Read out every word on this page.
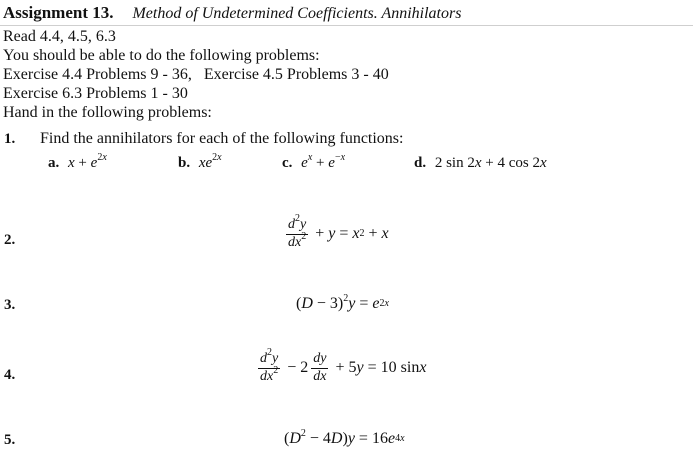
Assignment 13. Method of Undetermined Coefficients. Annihilators
Read 4.4, 4.5, 6.3
You should be able to do the following problems:
Exercise 4.4 Problems 9 - 36,   Exercise 4.5 Problems 3 - 40
Exercise 6.3 Problems 1 - 30
Hand in the following problems:
1. Find the annihilators for each of the following functions:
a. $x + e^{2x}$	b. $xe^{2x}$	c. $e^x + e^{-x}$	d. 2 sin 2x + 4 cos 2x
2.	$\frac{d^2y}{dx^2} + y = x$ 2 + x
3.	$(D - 3)^2y = e$ 2x
4.	$\frac{d^2y}{dx^2} - 2 \frac{dy}{dx} + 5$ y = 10 sin x
5.	$(D^2 - 4D)y = 16$ e 4x
